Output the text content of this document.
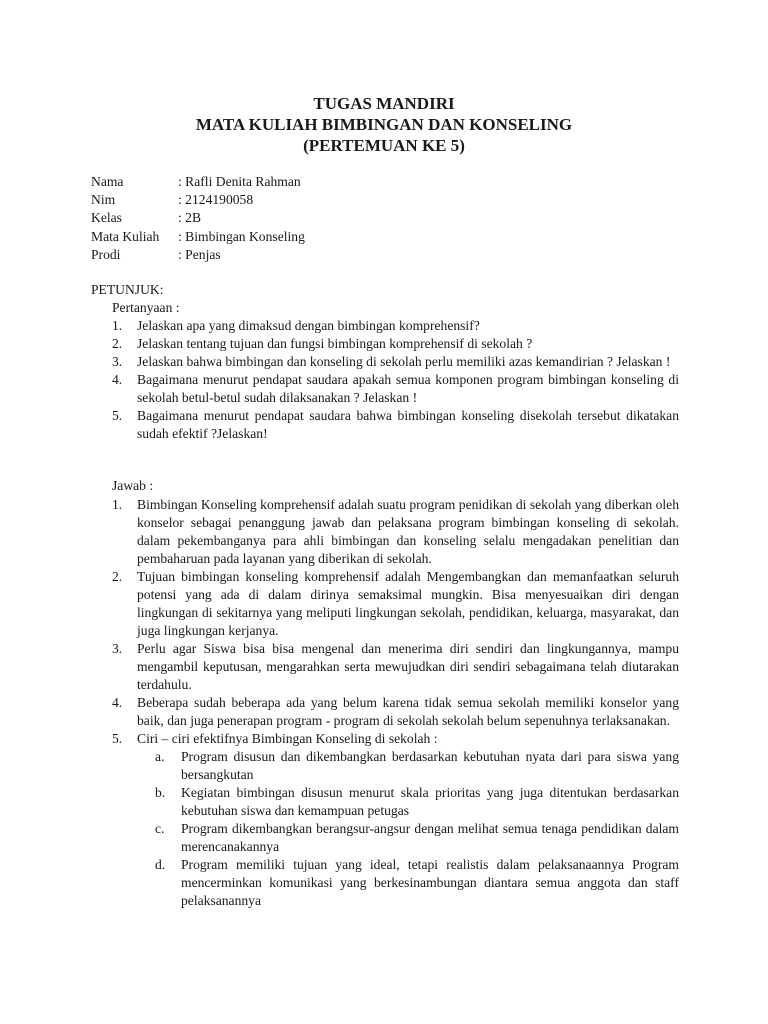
TUGAS MANDIRI
MATA KULIAH BIMBINGAN DAN KONSELING
(PERTEMUAN KE 5)
Nama	: Rafli Denita Rahman
Nim	: 2124190058
Kelas	: 2B
Mata Kuliah	: Bimbingan Konseling
Prodi	: Penjas
PETUNJUK:
Pertanyaan :
1.	Jelaskan apa yang dimaksud dengan bimbingan komprehensif?
2.	Jelaskan tentang tujuan dan fungsi bimbingan komprehensif di sekolah ?
3.	Jelaskan bahwa bimbingan dan konseling di sekolah perlu memiliki azas kemandirian ? Jelaskan !
4.	Bagaimana menurut pendapat saudara apakah semua komponen program bimbingan konseling di sekolah betul-betul sudah dilaksanakan ? Jelaskan !
5.	Bagaimana menurut pendapat saudara bahwa bimbingan konseling disekolah tersebut dikatakan sudah efektif ?Jelaskan!
Jawab :
1.	Bimbingan Konseling komprehensif adalah suatu program penidikan di sekolah yang diberkan oleh konselor sebagai penanggung jawab dan pelaksana program bimbingan konseling di sekolah. dalam pekembanganya para ahli bimbingan dan konseling selalu mengadakan penelitian dan pembaharuan pada layanan yang diberikan di sekolah.
2.	Tujuan bimbingan konseling komprehensif adalah Mengembangkan dan memanfaatkan seluruh potensi yang ada di dalam dirinya semaksimal mungkin. Bisa menyesuaikan diri dengan lingkungan di sekitarnya yang meliputi lingkungan sekolah, pendidikan, keluarga, masyarakat, dan juga lingkungan kerjanya.
3.	Perlu agar Siswa bisa bisa mengenal dan menerima diri sendiri dan lingkungannya, mampu mengambil keputusan, mengarahkan serta mewujudkan diri sendiri sebagaimana telah diutarakan terdahulu.
4.	Beberapa sudah beberapa ada yang belum karena tidak semua sekolah memiliki konselor yang baik, dan juga penerapan program - program di sekolah sekolah belum sepenuhnya terlaksanakan.
5.	Ciri – ciri efektifnya Bimbingan Konseling di sekolah :
a.	Program disusun dan dikembangkan berdasarkan kebutuhan nyata dari para siswa yang bersangkutan
b.	Kegiatan bimbingan disusun menurut skala prioritas yang juga ditentukan berdasarkan kebutuhan siswa dan kemampuan petugas
c.	Program dikembangkan berangsur-angsur dengan melihat semua tenaga pendidikan dalam merencanakannya
d.	Program memiliki tujuan yang ideal, tetapi realistis dalam pelaksanaannya Program mencerminkan komunikasi yang berkesinambungan diantara semua anggota dan staff pelaksanannya
